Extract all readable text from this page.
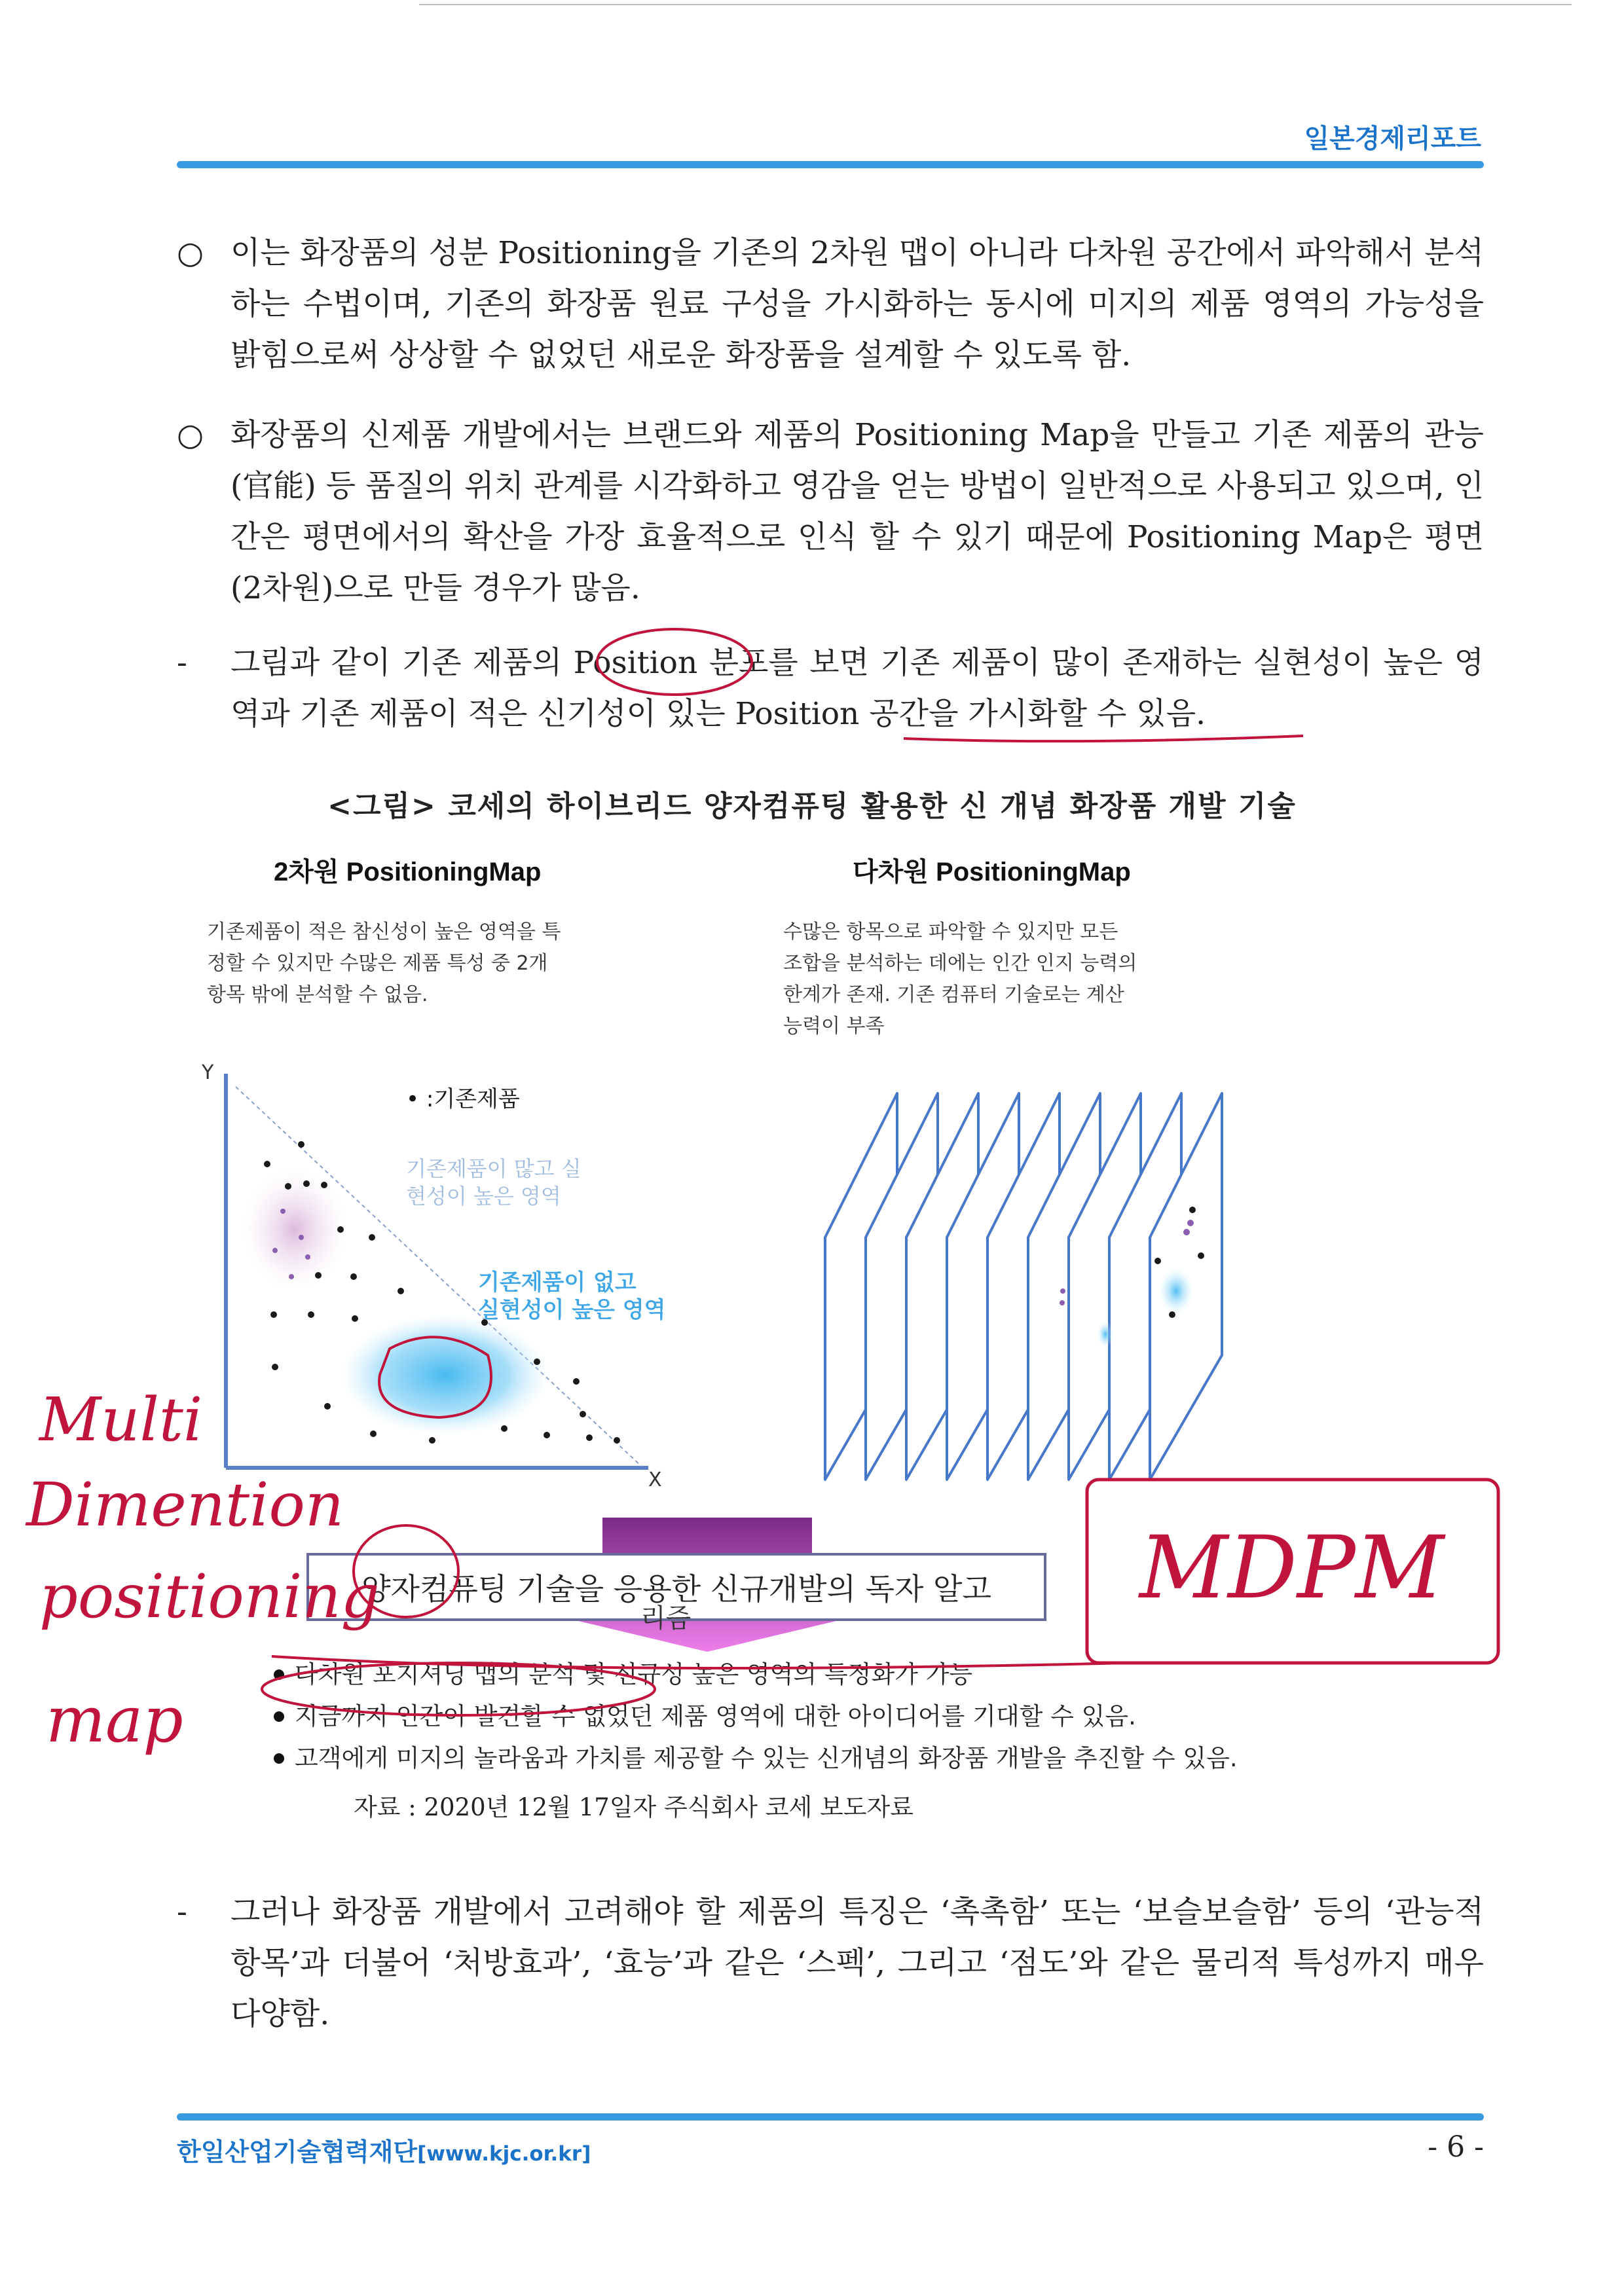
일본경제리포트
○ 이는 화장품의 성분 Positioning을 기존의 2차원 맵이 아니라 다차원 공간에서 파악해서 분석하는 수법이며, 기존의 화장품 원료 구성을 가시화하는 동시에 미지의 제품 영역의 가능성을 밝힘으로써 상상할 수 없었던 새로운 화장품을 설계할 수 있도록 함.
○ 화장품의 신제품 개발에서는 브랜드와 제품의 Positioning Map을 만들고 기존 제품의 관능(官能) 등 품질의 위치 관계를 시각화하고 영감을 얻는 방법이 일반적으로 사용되고 있으며, 인간은 평면에서의 확산을 가장 효율적으로 인식 할 수 있기 때문에 Positioning Map은 평면(2차원)으로 만들 경우가 많음.
-	그림과 같이 기존 제품의 Position 분포를 보면 기존 제품이 많이 존재하는 실현성이 높은 영역과 기존 제품이 적은 신기성이 있는 Position 공간을 가시화할 수 있음.
<그림> 코세의 하이브리드 양자컴퓨팅 활용한 신 개념 화장품 개발 기술
2차원 PositioningMap
기존제품이 적은 참신성이 높은 영역을 특
정할 수 있지만 수많은 제품 특성 중 2개
항목 밖에 분석할 수 없음.
다차원 PositioningMap
수많은 항목으로 파악할 수 있지만 모든
조합을 분석하는 데에는 인간 인지 능력의
한계가 존재. 기존 컴퓨터 기술로는 계산
능력이 부족
Y
X
• :기존제품
기존제품이 많고 실
현성이 높은 영역
기존제품이 없고
실현성이 높은 영역
양자컴퓨팅 기술을 응용한 신규개발의 독자 알고
리즘
다차원 포지셔닝 맵의 분석 및 신규성 높은 영역의 특정화가 가능
지금까지 인간이 발견할 수 없었던 제품 영역에 대한 아이디어를 기대할 수 있음.
고객에게 미지의 놀라움과 가치를 제공할 수 있는 신개념의 화장품 개발을 추진할 수 있음.
자료 : 2020년 12월 17일자 주식회사 코세 보도자료
Multi
Dimention
positioning
map
MDPM
-	그러나 화장품 개발에서 고려해야 할 제품의 특징은 ‘촉촉함’ 또는 ‘보슬보슬함’ 등의 ‘관능적 항목’과 더불어 ‘처방효과’, ‘효능’과 같은 ‘스펙’, 그리고 ‘점도’와 같은 물리적 특성까지 매우 다양함.
한일산업기술협력재단[www.kjc.or.kr]	- 6 -
